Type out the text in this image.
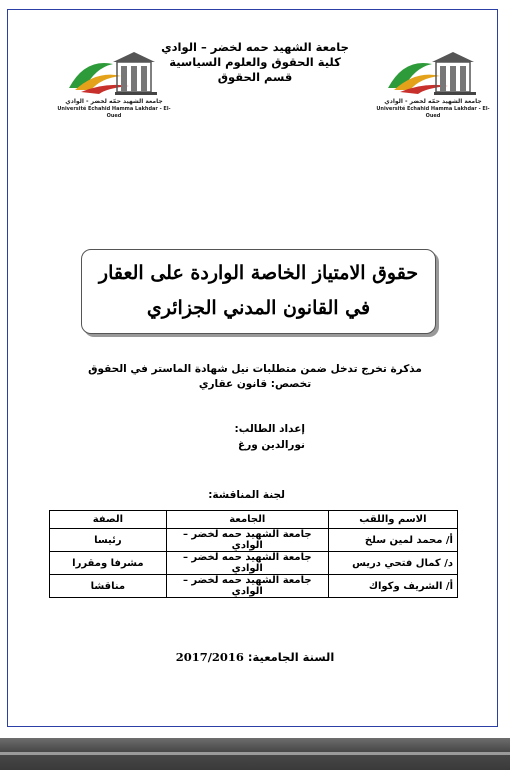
جامعة الشهيد حمه لخضر – الوادي
كلية الحقوق والعلوم السياسية
قسم الحقوق
جامعة الشهيد حمّه لخضر - الوادي
Université Echahid Hamma Lakhdar - El-Oued
جامعة الشهيد حمّه لخضر - الوادي
Université Echahid Hamma Lakhdar - El-Oued
حقوق الامتياز الخاصة الواردة على العقار
في القانون المدني الجزائري
مذكرة تخرج تدخل ضمن متطلبات نيل شهادة الماستر في الحقوق
تخصص: قانون عقاري
إعداد الطالب:
نورالدين ورغ
لجنة المناقشة:
الاسم واللقب	الجامعة	الصفة
أ/ محمد لمين سلخ	جامعة الشهيد حمه لخضر – الوادي	رئيسا
د/ كمال فتحي دريس	جامعة الشهيد حمه لخضر – الوادي	مشرفا ومقررا
أ/ الشريف وكواك	جامعة الشهيد حمه لخضر – الوادي	مناقشا
السنة الجامعية: 2017/2016
